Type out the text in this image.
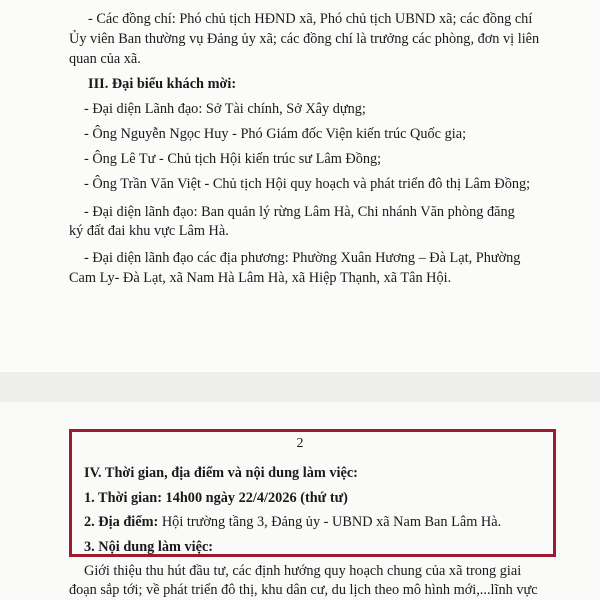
- Các đồng chí: Phó chủ tịch HĐND xã, Phó chủ tịch UBND xã; các đồng chí
Ủy viên Ban thường vụ Đảng ủy xã; các đồng chí là trưởng các phòng, đơn vị liên
quan của xã.
III. Đại biểu khách mời:
- Đại diện Lãnh đạo: Sở Tài chính, Sở Xây dựng;
- Ông Nguyễn Ngọc Huy - Phó Giám đốc Viện kiến trúc Quốc gia;
- Ông Lê Tư - Chủ tịch Hội kiến trúc sư Lâm Đồng;
- Ông Trần Văn Việt - Chủ tịch Hội quy hoạch và phát triển đô thị Lâm Đồng;
- Đại diện lãnh đạo: Ban quản lý rừng Lâm Hà, Chi nhánh Văn phòng đăng
ký đất đai khu vực Lâm Hà.
- Đại diện lãnh đạo các địa phương: Phường Xuân Hương – Đà Lạt, Phường
Cam Ly- Đà Lạt, xã Nam Hà Lâm Hà, xã Hiệp Thạnh, xã Tân Hội.
2
IV. Thời gian, địa điểm và nội dung làm việc:
1. Thời gian: 14h00 ngày 22/4/2026 (thứ tư)
2. Địa điểm: Hội trường tầng 3, Đảng ủy - UBND xã Nam Ban Lâm Hà.
3. Nội dung làm việc:
Giới thiệu thu hút đầu tư, các định hướng quy hoạch chung của xã trong giai
đoạn sắp tới; về phát triển đô thị, khu dân cư, du lịch theo mô hình mới,...lĩnh vực
